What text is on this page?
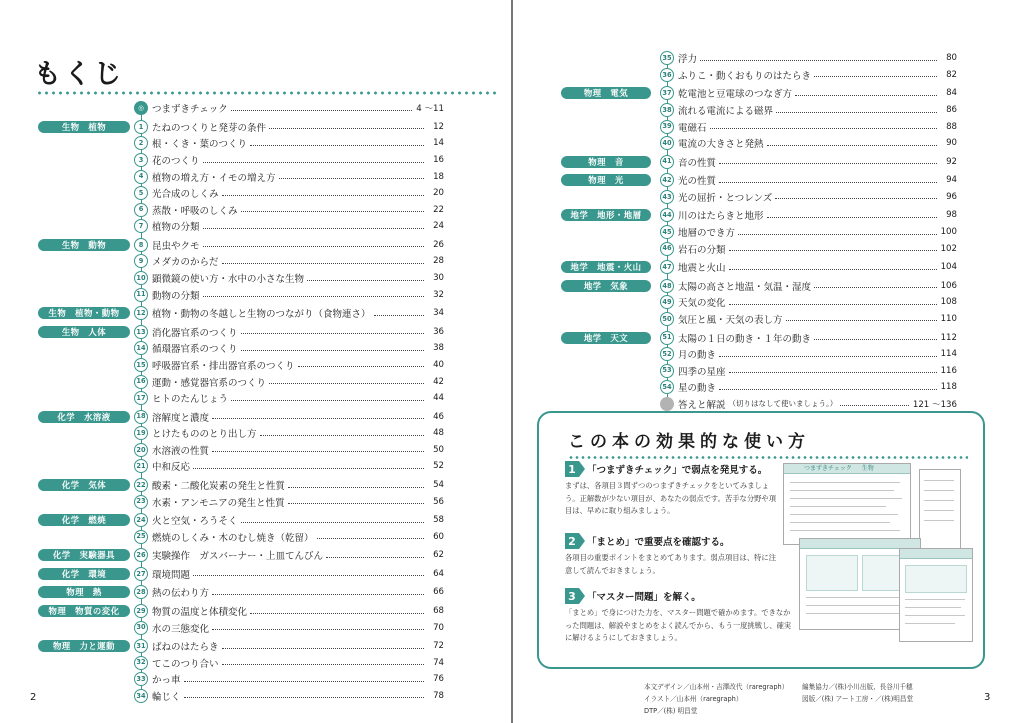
もくじ
◎ つまずきチェック	4 ～11
生物　植物	1 たねのつくりと発芽の条件	12
2 根・くき・葉のつくり	14
3 花のつくり	16
4 植物の増え方・イモの増え方	18
5 光合成のしくみ	20
6 蒸散・呼吸のしくみ	22
7 植物の分類	24
生物　動物	8 昆虫やクモ	26
9 メダカのからだ	28
10 顕微鏡の使い方・水中の小さな生物	30
11 動物の分類	32
生物　植物・動物	12 植物・動物の冬越しと生物のつながり（食物連さ）	34
生物　人体	13 消化器官系のつくり	36
14 循環器官系のつくり	38
15 呼吸器官系・排出器官系のつくり	40
16 運動・感覚器官系のつくり	42
17 ヒトのたんじょう	44
化学　水溶液	18 溶解度と濃度	46
19 とけたもののとり出し方	48
20 水溶液の性質	50
21 中和反応	52
化学　気体	22 酸素・二酸化炭素の発生と性質	54
23 水素・アンモニアの発生と性質	56
化学　燃焼	24 火と空気・ろうそく	58
25 燃焼のしくみ・木のむし焼き（乾留）	60
化学　実験器具	26 実験操作　ガスバーナー・上皿てんびん	62
化学　環境	27 環境問題	64
物理　熱	28 熱の伝わり方	66
物理　物質の変化	29 物質の温度と体積変化	68
30 水の三態変化	70
物理　力と運動	31 ばねのはたらき	72
32 てこのつり合い	74
33 かっ車	76
34 輪じく	78
2	3
35 浮力	80
36 ふりこ・動くおもりのはたらき	82
物理　電気	37 乾電池と豆電球のつなぎ方	84
38 流れる電流による磁界	86
39 電磁石	88
40 電流の大きさと発熱	90
物理　音	41 音の性質	92
物理　光	42 光の性質	94
43 光の屈折・とつレンズ	96
地学　地形・地層	44 川のはたらきと地形	98
45 地層のでき方	100
46 岩石の分類	102
地学　地震・火山	47 地震と火山	104
地学　気象	48 太陽の高さと地温・気温・湿度	106
49 天気の変化	108
50 気圧と風・天気の表し方	110
地学　天文	51 太陽の１日の動き・１年の動き	112
52 月の動き	114
53 四季の星座	116
54 星の動き	118
答えと解説 （切りはなして使いましょう。）	121 ～136
この本の効果的な使い方
1	「つまずきチェック」で弱点を発見する。
まずは、各項目３問ずつのつまずきチェックをといてみましょう。正解数が少ない項目が、あなたの弱点です。苦手な分野や項目は、早めに取り組みましょう。
2	「まとめ」で重要点を確認する。
各項目の重要ポイントをまとめてあります。弱点項目は、特に注意して読んでおきましょう。
3	「マスター問題」を解く。
「まとめ」で身につけた力を、マスター問題で確かめます。できなかった問題は、解説やまとめをよく読んでから、もう一度挑戦し、確実に解けるようにしておきましょう。
つまずきチェック 生物
本文デザイン／山本州・吉澤改代（raregraph）	編集協力／(株)小川出版、長谷川千穂
イラスト／山本州（raregraph）	図版／(株) アート工房・／(株)明昌堂
DTP／(株) 明昌堂
